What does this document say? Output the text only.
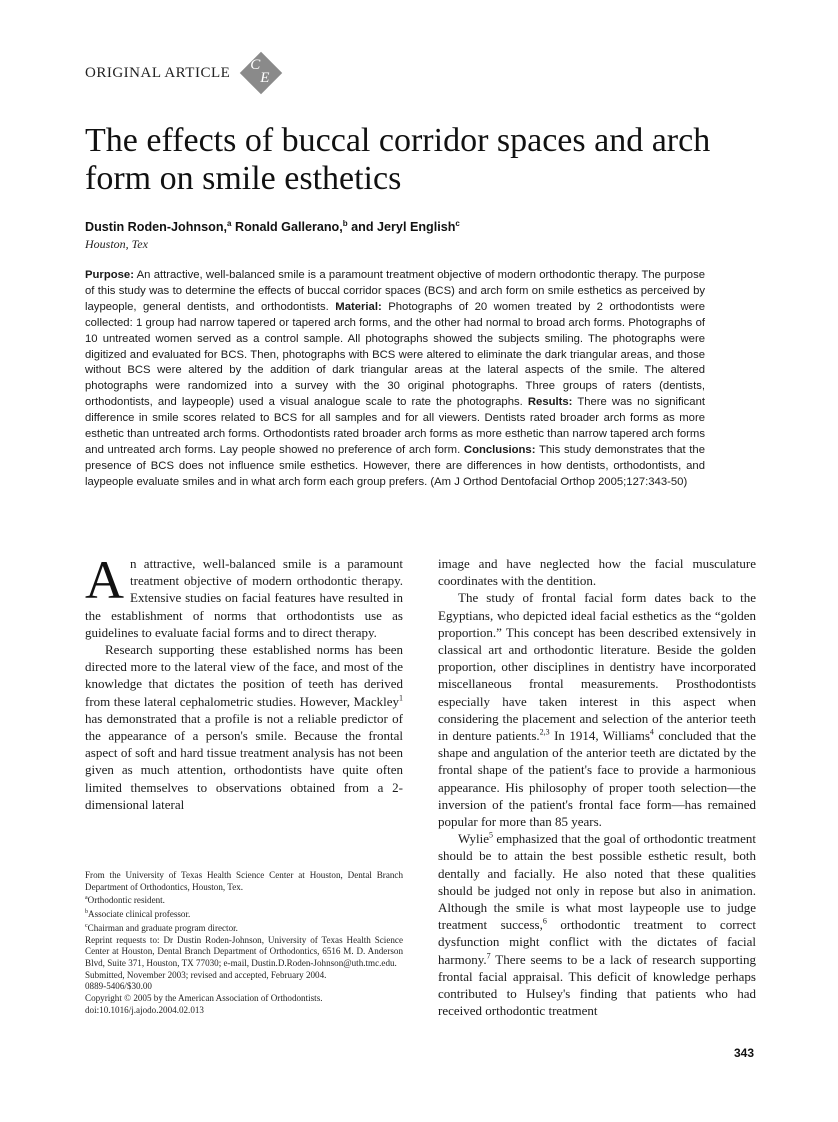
ORIGINAL ARTICLE C
E
The effects of buccal corridor spaces and arch form on smile esthetics
Dustin Roden-Johnson,$^a$ Ronald Gallerano,$^b$ and Jeryl English$^c$
Houston, Tex
Purpose: An attractive, well-balanced smile is a paramount treatment objective of modern orthodontic therapy. The purpose of this study was to determine the effects of buccal corridor spaces (BCS) and arch form on smile esthetics as perceived by laypeople, general dentists, and orthodontists. Material: Photographs of 20 women treated by 2 orthodontists were collected: 1 group had narrow tapered or tapered arch forms, and the other had normal to broad arch forms. Photographs of 10 untreated women served as a control sample. All photographs showed the subjects smiling. The photographs were digitized and evaluated for BCS. Then, photographs with BCS were altered to eliminate the dark triangular areas, and those without BCS were altered by the addition of dark triangular areas at the lateral aspects of the smile. The altered photographs were randomized into a survey with the 30 original photographs. Three groups of raters (dentists, orthodontists, and laypeople) used a visual analogue scale to rate the photographs. Results: There was no significant difference in smile scores related to BCS for all samples and for all viewers. Dentists rated broader arch forms as more esthetic than untreated arch forms. Orthodontists rated broader arch forms as more esthetic than narrow tapered arch forms and untreated arch forms. Lay people showed no preference of arch form. Conclusions: This study demonstrates that the presence of BCS does not influence smile esthetics. However, there are differences in how dentists, orthodontists, and laypeople evaluate smiles and in what arch form each group prefers. (Am J Orthod Dentofacial Orthop 2005;127:343-50)

An attractive, well-balanced smile is a paramount treatment objective of modern orthodontic therapy. Extensive studies on facial features have resulted in the establishment of norms that orthodontists use as guidelines to evaluate facial forms and to direct therapy.

Research supporting these established norms has been directed more to the lateral view of the face, and most of the knowledge that dictates the position of teeth has derived from these lateral cephalometric studies. However, Mackley$^1$ has demonstrated that a profile is not a reliable predictor of the appearance of a person's smile. Because the frontal aspect of soft and hard tissue treatment analysis has not been given as much attention, orthodontists have quite often limited themselves to observations obtained from a 2-dimensional lateral

image and have neglected how the facial musculature coordinates with the dentition.

The study of frontal facial form dates back to the Egyptians, who depicted ideal facial esthetics as the “golden proportion.” This concept has been described extensively in classical art and orthodontic literature. Beside the golden proportion, other disciplines in dentistry have incorporated miscellaneous frontal measurements. Prosthodontists especially have taken interest in this aspect when considering the placement and selection of the anterior teeth in denture patients.$^{2,3}$ In 1914, Williams$^4$ concluded that the shape and angulation of the anterior teeth are dictated by the frontal shape of the patient's face to provide a harmonious appearance. His philosophy of proper tooth selection—the inversion of the patient's frontal face form—has remained popular for more than 85 years.

Wylie$^5$ emphasized that the goal of orthodontic treatment should be to attain the best possible esthetic result, both dentally and facially. He also noted that these qualities should be judged not only in repose but also in animation. Although the smile is what most laypeople use to judge treatment success,$^6$ orthodontic treatment to correct dysfunction might conflict with the dictates of facial harmony.$^7$ There seems to be a lack of research supporting frontal facial appraisal. This deficit of knowledge perhaps contributed to Hulsey's finding that patients who had received orthodontic treatment

From the University of Texas Health Science Center at Houston, Dental Branch Department of Orthodontics, Houston, Tex.
$^a$Orthodontic resident.
$^b$Associate clinical professor.
$^c$Chairman and graduate program director.
Reprint requests to: Dr Dustin Roden-Johnson, University of Texas Health Science Center at Houston, Dental Branch Department of Orthodontics, 6516 M. D. Anderson Blvd, Suite 371, Houston, TX 77030; e-mail, Dustin.D.Roden-Johnson@uth.tmc.edu.
Submitted, November 2003; revised and accepted, February 2004.
0889-5406/$30.00
Copyright © 2005 by the American Association of Orthodontists.
doi:10.1016/j.ajodo.2004.02.013
343
